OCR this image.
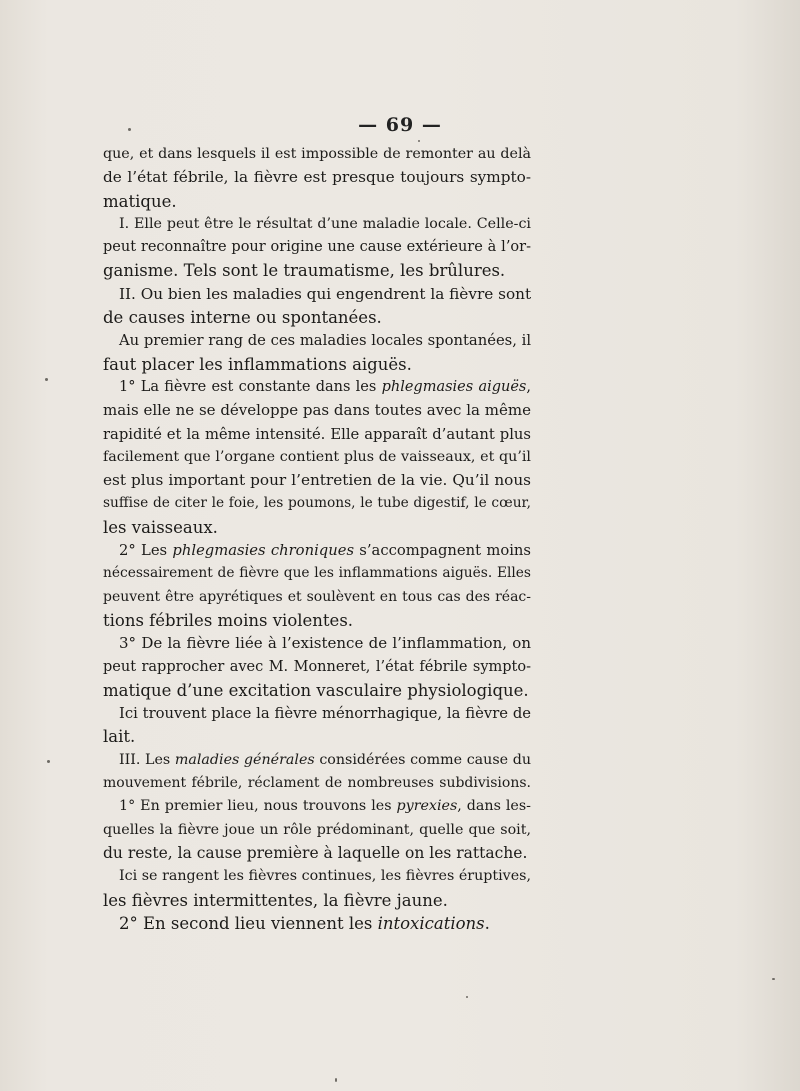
— 69 —
que, et dans lesquels il est impossible de remonter au delà
de l’état fébrile, la fièvre est presque toujours sympto-
matique.
I. Elle peut être le résultat d’une maladie locale. Celle-ci
peut reconnaître pour origine une cause extérieure à l’or-
ganisme. Tels sont le traumatisme, les brûlures.
II. Ou bien les maladies qui engendrent la fièvre sont
de causes interne ou spontanées.
Au premier rang de ces maladies locales spontanées, il
faut placer les inflammations aiguës.
1° La fièvre est constante dans les phlegmasies aiguës,
mais elle ne se développe pas dans toutes avec la même
rapidité et la même intensité. Elle apparaît d’autant plus
facilement que l’organe contient plus de vaisseaux, et qu’il
est plus important pour l’entretien de la vie. Qu’il nous
suffise de citer le foie, les poumons, le tube digestif, le cœur,
les vaisseaux.
2° Les phlegmasies chroniques s’accompagnent moins
nécessairement de fièvre que les inflammations aiguës. Elles
peuvent être apyrétiques et soulèvent en tous cas des réac-
tions fébriles moins violentes.
3° De la fièvre liée à l’existence de l’inflammation, on
peut rapprocher avec M. Monneret, l’état fébrile sympto-
matique d’une excitation vasculaire physiologique.
Ici trouvent place la fièvre ménorrhagique, la fièvre de
lait.
III. Les maladies générales considérées comme cause du
mouvement fébrile, réclament de nombreuses subdivisions.
1° En premier lieu, nous trouvons les pyrexies, dans les-
quelles la fièvre joue un rôle prédominant, quelle que soit,
du reste, la cause première à laquelle on les rattache.
Ici se rangent les fièvres continues, les fièvres éruptives,
les fièvres intermittentes, la fièvre jaune.
2° En second lieu viennent les intoxications.
